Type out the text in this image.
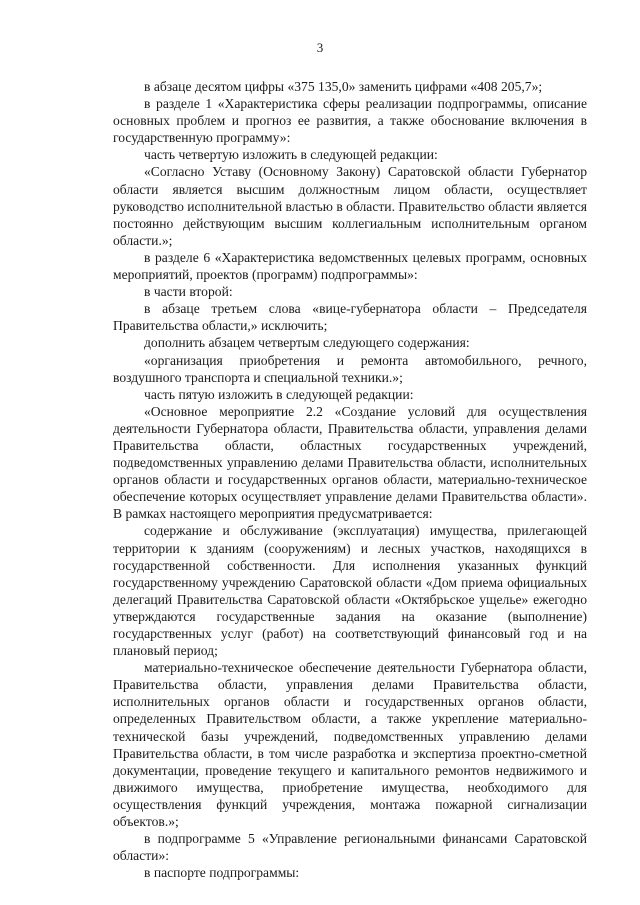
3

в абзаце десятом цифры «375 135,0» заменить цифрами «408 205,7»;

в разделе 1 «Характеристика сферы реализации подпрограммы, описание основных проблем и прогноз ее развития, а также обоснование включения в государственную программу»:

часть четвертую изложить в следующей редакции:

«Согласно Уставу (Основному Закону) Саратовской области Губернатор области является высшим должностным лицом области, осуществляет руководство исполнительной властью в области. Правительство области является постоянно действующим высшим коллегиальным исполнительным органом области.»;

в разделе 6 «Характеристика ведомственных целевых программ, основных мероприятий, проектов (программ) подпрограммы»:

в части второй:

в абзаце третьем слова «вице-губернатора области – Председателя Правительства области,» исключить;

дополнить абзацем четвертым следующего содержания:

«организация приобретения и ремонта автомобильного, речного, воздушного транспорта и специальной техники.»;

часть пятую изложить в следующей редакции:

«Основное мероприятие 2.2 «Создание условий для осуществления деятельности Губернатора области, Правительства области, управления делами Правительства области, областных государственных учреждений, подведомственных управлению делами Правительства области, исполнительных органов области и государственных органов области, материально-техническое обеспечение которых осуществляет управление делами Правительства области». В рамках настоящего мероприятия предусматривается:

содержание и обслуживание (эксплуатация) имущества, прилегающей территории к зданиям (сооружениям) и лесных участков, находящихся в государственной собственности. Для исполнения указанных функций государственному учреждению Саратовской области «Дом приема официальных делегаций Правительства Саратовской области «Октябрьское ущелье» ежегодно утверждаются государственные задания на оказание (выполнение) государственных услуг (работ) на соответствующий финансовый год и на плановый период;

материально-техническое обеспечение деятельности Губернатора области, Правительства области, управления делами Правительства области, исполнительных органов области и государственных органов области, определенных Правительством области, а также укрепление материально-технической базы учреждений, подведомственных управлению делами Правительства области, в том числе разработка и экспертиза проектно-сметной документации, проведение текущего и капитального ремонтов недвижимого и движимого имущества, приобретение имущества, необходимого для осуществления функций учреждения, монтажа пожарной сигнализации объектов.»;

в подпрограмме 5 «Управление региональными финансами Саратовской области»:

в паспорте подпрограммы:
